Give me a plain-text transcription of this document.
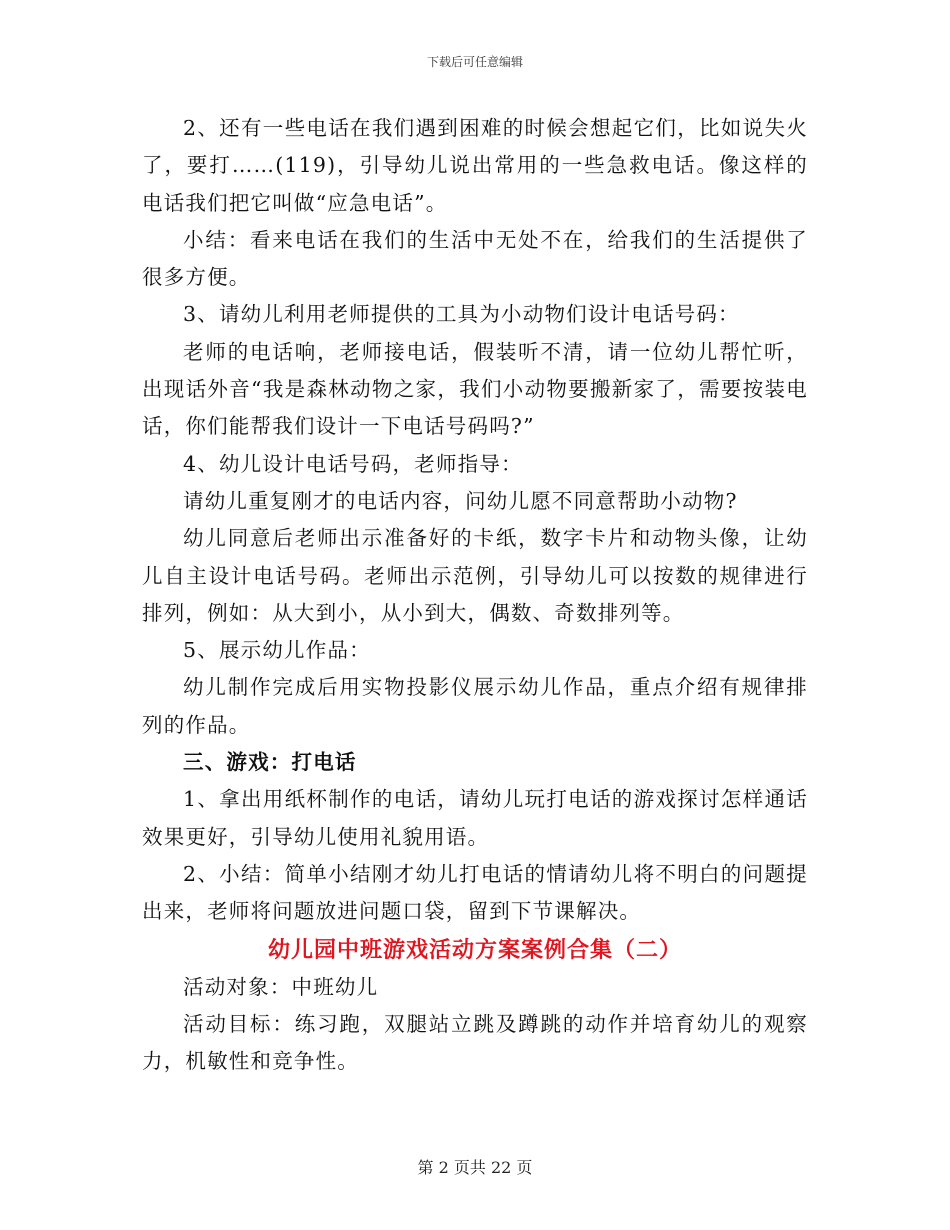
下载后可任意编辑

2、还有一些电话在我们遇到困难的时候会想起它们，比如说失火了，要打……(119)，引导幼儿说出常用的一些急救电话。像这样的电话我们把它叫做“应急电话”。

小结：看来电话在我们的生活中无处不在，给我们的生活提供了很多方便。

3、请幼儿利用老师提供的工具为小动物们设计电话号码：

老师的电话响，老师接电话，假装听不清，请一位幼儿帮忙听，出现话外音“我是森林动物之家，我们小动物要搬新家了，需要按装电话，你们能帮我们设计一下电话号码吗?”

4、幼儿设计电话号码，老师指导：

请幼儿重复刚才的电话内容，问幼儿愿不同意帮助小动物?

幼儿同意后老师出示准备好的卡纸，数字卡片和动物头像，让幼儿自主设计电话号码。老师出示范例，引导幼儿可以按数的规律进行排列，例如：从大到小，从小到大，偶数、奇数排列等。

5、展示幼儿作品：

幼儿制作完成后用实物投影仪展示幼儿作品，重点介绍有规律排列的作品。

三、游戏：打电话

1、拿出用纸杯制作的电话，请幼儿玩打电话的游戏探讨怎样通话效果更好，引导幼儿使用礼貌用语。

2、小结：简单小结刚才幼儿打电话的情请幼儿将不明白的问题提出来，老师将问题放进问题口袋，留到下节课解决。

幼儿园中班游戏活动方案案例合集（二）

活动对象：中班幼儿

活动目标：练习跑，双腿站立跳及蹲跳的动作并培育幼儿的观察力，机敏性和竞争性。

第 2 页共 22 页
